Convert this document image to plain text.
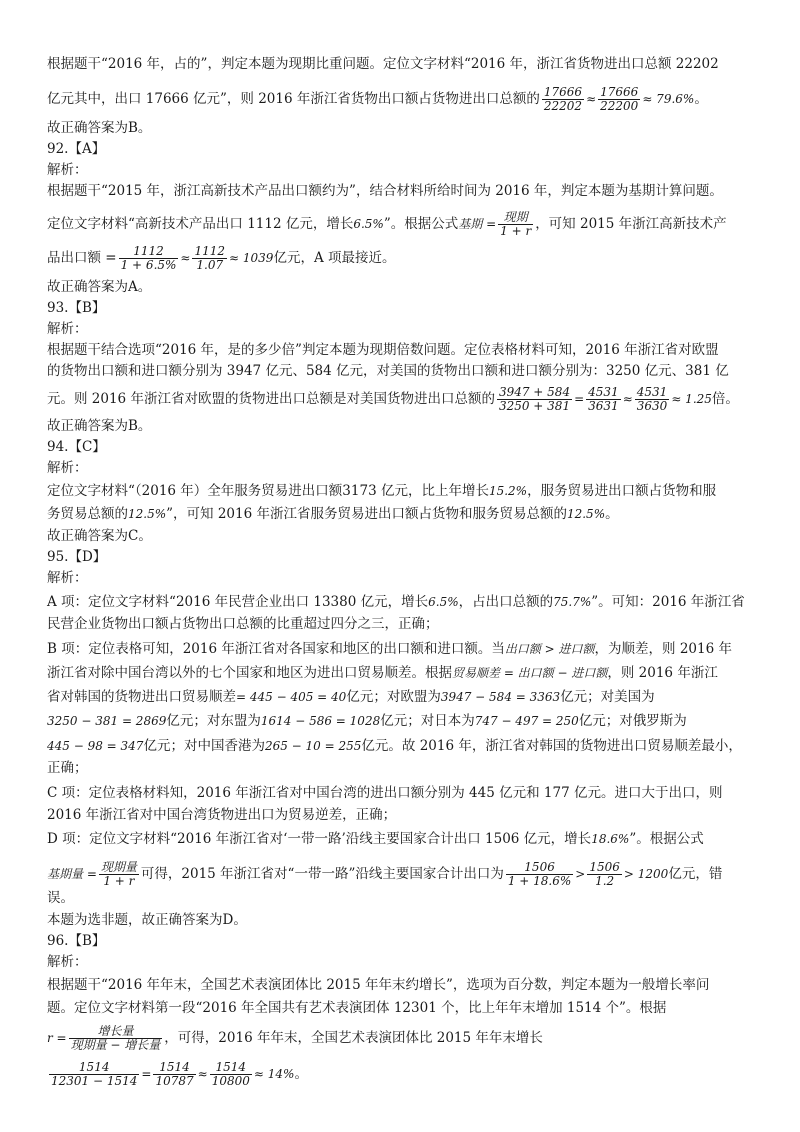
根据题干“2016 年，占的”，判定本题为现期比重问题。定位文字材料“2016 年，浙江省货物进出口总额 22202
亿元其中，出口 17666 亿元”，则 2016 年浙江省货物出口额占货物进出口总额的 $\frac{17666}{22202} \approx \frac{17666}{22200} \approx 79.6\%$。
故正确答案为B。
92.【A】
解析：
根据题干“2015 年，浙江高新技术产品出口额约为”，结合材料所给时间为 2016 年，判定本题为基期计算问题。
定位文字材料“高新技术产品出口 1112 亿元，增长6.5%”。根据公式基期 = $\frac{\text{现期}}{1 + r}$ ，可知 2015 年浙江高新技术产
品出口额 = $\frac{1112}{1 + 6.5\%} \approx \frac{1112}{1.07} \approx 1039$亿元，A 项最接近。
故正确答案为A。
93.【B】
解析：
根据题干结合选项“2016 年，是的多少倍”判定本题为现期倍数问题。定位表格材料可知，2016 年浙江省对欧盟
的货物出口额和进口额分别为 3947 亿元、584 亿元，对美国的货物出口额和进口额分别为：3250 亿元、381 亿
元。则 2016 年浙江省对欧盟的货物进出口总额是对美国货物进出口总额的 $\frac{3947 + 584}{3250 + 381} = \frac{4531}{3631} \approx \frac{4531}{3630} \approx 1.25$倍。
故正确答案为B。
94.【C】
解析：
定位文字材料“（2016 年）全年服务贸易进出口额3173 亿元，比上年增长15.2%，服务贸易进出口额占货物和服
务贸易总额的12.5%”，可知 2016 年浙江省服务贸易进出口额占货物和服务贸易总额的12.5%。
故正确答案为C。
95.【D】
解析：
A 项：定位文字材料“2016 年民营企业出口 13380 亿元，增长6.5%，占出口总额的75.7%”。可知：2016 年浙江省
民营企业货物出口额占货物出口总额的比重超过四分之三，正确；
B 项：定位表格可知，2016 年浙江省对各国家和地区的出口额和进口额。当出口额 > 进口额，为顺差，则 2016 年
浙江省对除中国台湾以外的七个国家和地区为进出口贸易顺差。根据贸易顺差 = 出口额 − 进口额，则 2016 年浙江
省对韩国的货物进出口贸易顺差= 445 − 405 = 40亿元；对欧盟为3947 − 584 = 3363亿元；对美国为
3250 − 381 = 2869亿元；对东盟为1614 − 586 = 1028亿元；对日本为747 − 497 = 250亿元；对俄罗斯为
445 − 98 = 347亿元；对中国香港为265 − 10 = 255亿元。故 2016 年，浙江省对韩国的货物进出口贸易顺差最小，
正确；
C 项：定位表格材料知，2016 年浙江省对中国台湾的进出口额分别为 445 亿元和 177 亿元。进口大于出口，则
2016 年浙江省对中国台湾货物进出口为贸易逆差，正确；
D 项：定位文字材料“2016 年浙江省对‘一带一路’沿线主要国家合计出口 1506 亿元，增长18.6%”。根据公式
基期量 = $\frac{\text{现期量}}{1 + r}$ 可得，2015 年浙江省对“一带一路”沿线主要国家合计出口为 $\frac{1506}{1 + 18.6\%} > \frac{1506}{1.2} > 1200$亿元，错
误。
本题为选非题，故正确答案为D。
96.【B】
解析：
根据题干“2016 年年末，全国艺术表演团体比 2015 年年末约增长”，选项为百分数，判定本题为一般增长率问
题。定位文字材料第一段“2016 年全国共有艺术表演团体 12301 个，比上年年末增加 1514 个”。根据
$r = \frac{\text{增长量}}{\text{现期量 − 增长量}}$ ，可得，2016 年年末，全国艺术表演团体比 2015 年年末增长
$\frac{1514}{12301 - 1514} = \frac{1514}{10787} \approx \frac{1514}{10800} \approx 14\%$。
